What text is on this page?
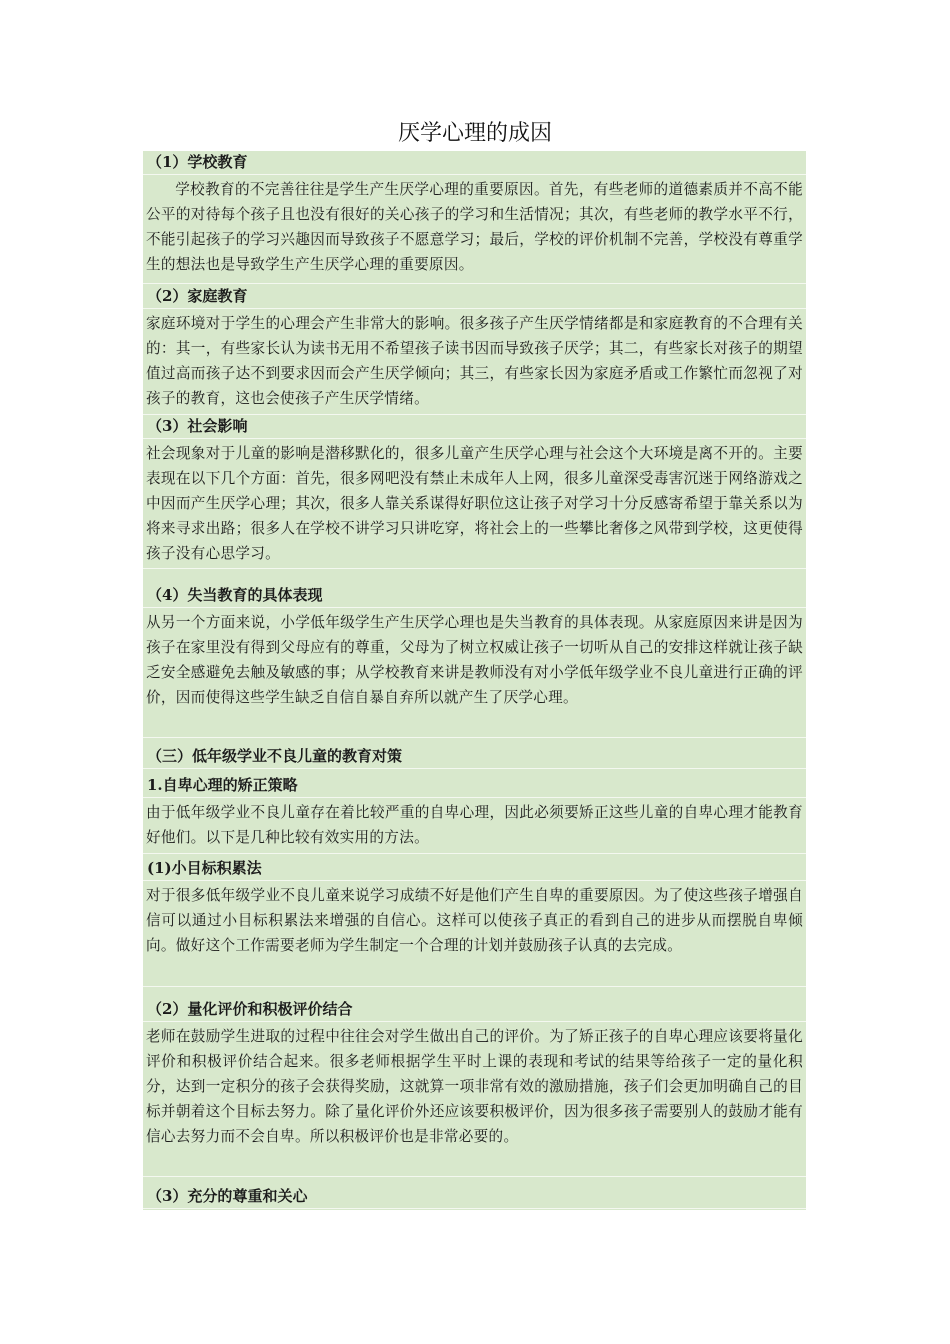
厌学心理的成因
（1）学校教育
学校教育的不完善往往是学生产生厌学心理的重要原因。首先，有些老师的道德素质并不高不能公平的对待每个孩子且也没有很好的关心孩子的学习和生活情况；其次，有些老师的教学水平不行，不能引起孩子的学习兴趣因而导致孩子不愿意学习；最后，学校的评价机制不完善，学校没有尊重学生的想法也是导致学生产生厌学心理的重要原因。
（2）家庭教育
家庭环境对于学生的心理会产生非常大的影响。很多孩子产生厌学情绪都是和家庭教育的不合理有关的：其一，有些家长认为读书无用不希望孩子读书因而导致孩子厌学；其二，有些家长对孩子的期望值过高而孩子达不到要求因而会产生厌学倾向；其三，有些家长因为家庭矛盾或工作繁忙而忽视了对孩子的教育，这也会使孩子产生厌学情绪。
（3）社会影响
社会现象对于儿童的影响是潜移默化的，很多儿童产生厌学心理与社会这个大环境是离不开的。主要表现在以下几个方面：首先，很多网吧没有禁止未成年人上网，很多儿童深受毒害沉迷于网络游戏之中因而产生厌学心理；其次，很多人靠关系谋得好职位这让孩子对学习十分反感寄希望于靠关系以为将来寻求出路；很多人在学校不讲学习只讲吃穿，将社会上的一些攀比奢侈之风带到学校，这更使得孩子没有心思学习。
（4）失当教育的具体表现
从另一个方面来说，小学低年级学生产生厌学心理也是失当教育的具体表现。从家庭原因来讲是因为孩子在家里没有得到父母应有的尊重，父母为了树立权威让孩子一切听从自己的安排这样就让孩子缺乏安全感避免去触及敏感的事；从学校教育来讲是教师没有对小学低年级学业不良儿童进行正确的评价，因而使得这些学生缺乏自信自暴自弃所以就产生了厌学心理。
（三）低年级学业不良儿童的教育对策
1.自卑心理的矫正策略
由于低年级学业不良儿童存在着比较严重的自卑心理，因此必须要矫正这些儿童的自卑心理才能教育好他们。以下是几种比较有效实用的方法。
(1)小目标积累法
对于很多低年级学业不良儿童来说学习成绩不好是他们产生自卑的重要原因。为了使这些孩子增强自信可以通过小目标积累法来增强的自信心。这样可以使孩子真正的看到自己的进步从而摆脱自卑倾向。做好这个工作需要老师为学生制定一个合理的计划并鼓励孩子认真的去完成。
（2）量化评价和积极评价结合
老师在鼓励学生进取的过程中往往会对学生做出自己的评价。为了矫正孩子的自卑心理应该要将量化评价和积极评价结合起来。很多老师根据学生平时上课的表现和考试的结果等给孩子一定的量化积分，达到一定积分的孩子会获得奖励，这就算一项非常有效的激励措施，孩子们会更加明确自己的目标并朝着这个目标去努力。除了量化评价外还应该要积极评价，因为很多孩子需要别人的鼓励才能有信心去努力而不会自卑。所以积极评价也是非常必要的。
（3）充分的尊重和关心
